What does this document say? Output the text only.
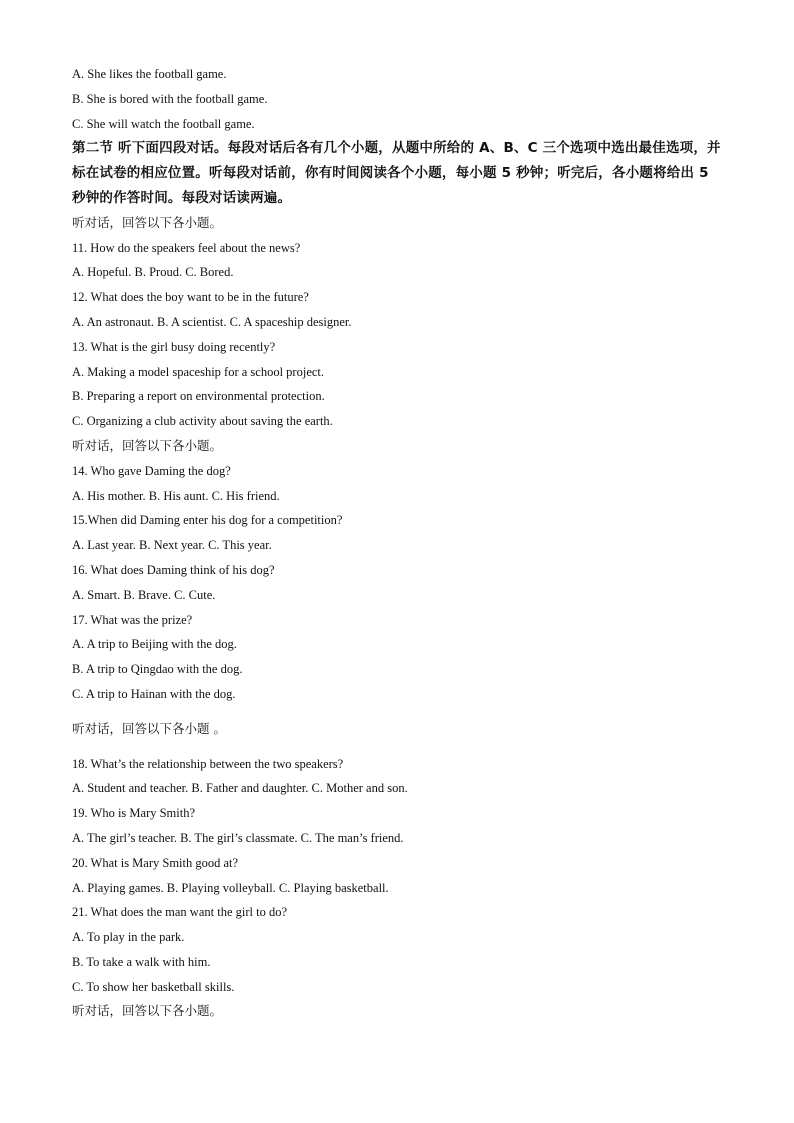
A. She likes the football game.

B. She is bored with the football game.

C. She will watch the football game.

第二节 听下面四段对话。每段对话后各有几个小题，从题中所给的 A、B、C 三个选项中选出最佳选项，并标在试卷的相应位置。听每段对话前，你有时间阅读各个小题，每小题 5 秒钟；听完后，各小题将给出 5 秒钟的作答时间。每段对话读两遍。

听对话，回答以下各小题。

11. How do the speakers feel about the news?

A. Hopeful. B. Proud. C. Bored.

12. What does the boy want to be in the future?

A. An astronaut. B. A scientist. C. A spaceship designer.

13. What is the girl busy doing recently?

A. Making a model spaceship for a school project.

B. Preparing a report on environmental protection.

C. Organizing a club activity about saving the earth.

听对话，回答以下各小题。

14. Who gave Daming the dog?

A. His mother. B. His aunt. C. His friend.

15.When did Daming enter his dog for a competition?

A. Last year. B. Next year. C. This year.

16. What does Daming think of his dog?

A. Smart. B. Brave. C. Cute.

17. What was the prize?

A. A trip to Beijing with the dog.

B. A trip to Qingdao with the dog.

C. A trip to Hainan with the dog.

听对话，回答以下各小题 。

18. What’s the relationship between the two speakers?

A. Student and teacher. B. Father and daughter. C. Mother and son.

19. Who is Mary Smith?

A. The girl’s teacher. B. The girl’s classmate. C. The man’s friend.

20. What is Mary Smith good at?

A. Playing games. B. Playing volleyball. C. Playing basketball.

21. What does the man want the girl to do?

A. To play in the park.

B. To take a walk with him.

C. To show her basketball skills.

听对话，回答以下各小题。
